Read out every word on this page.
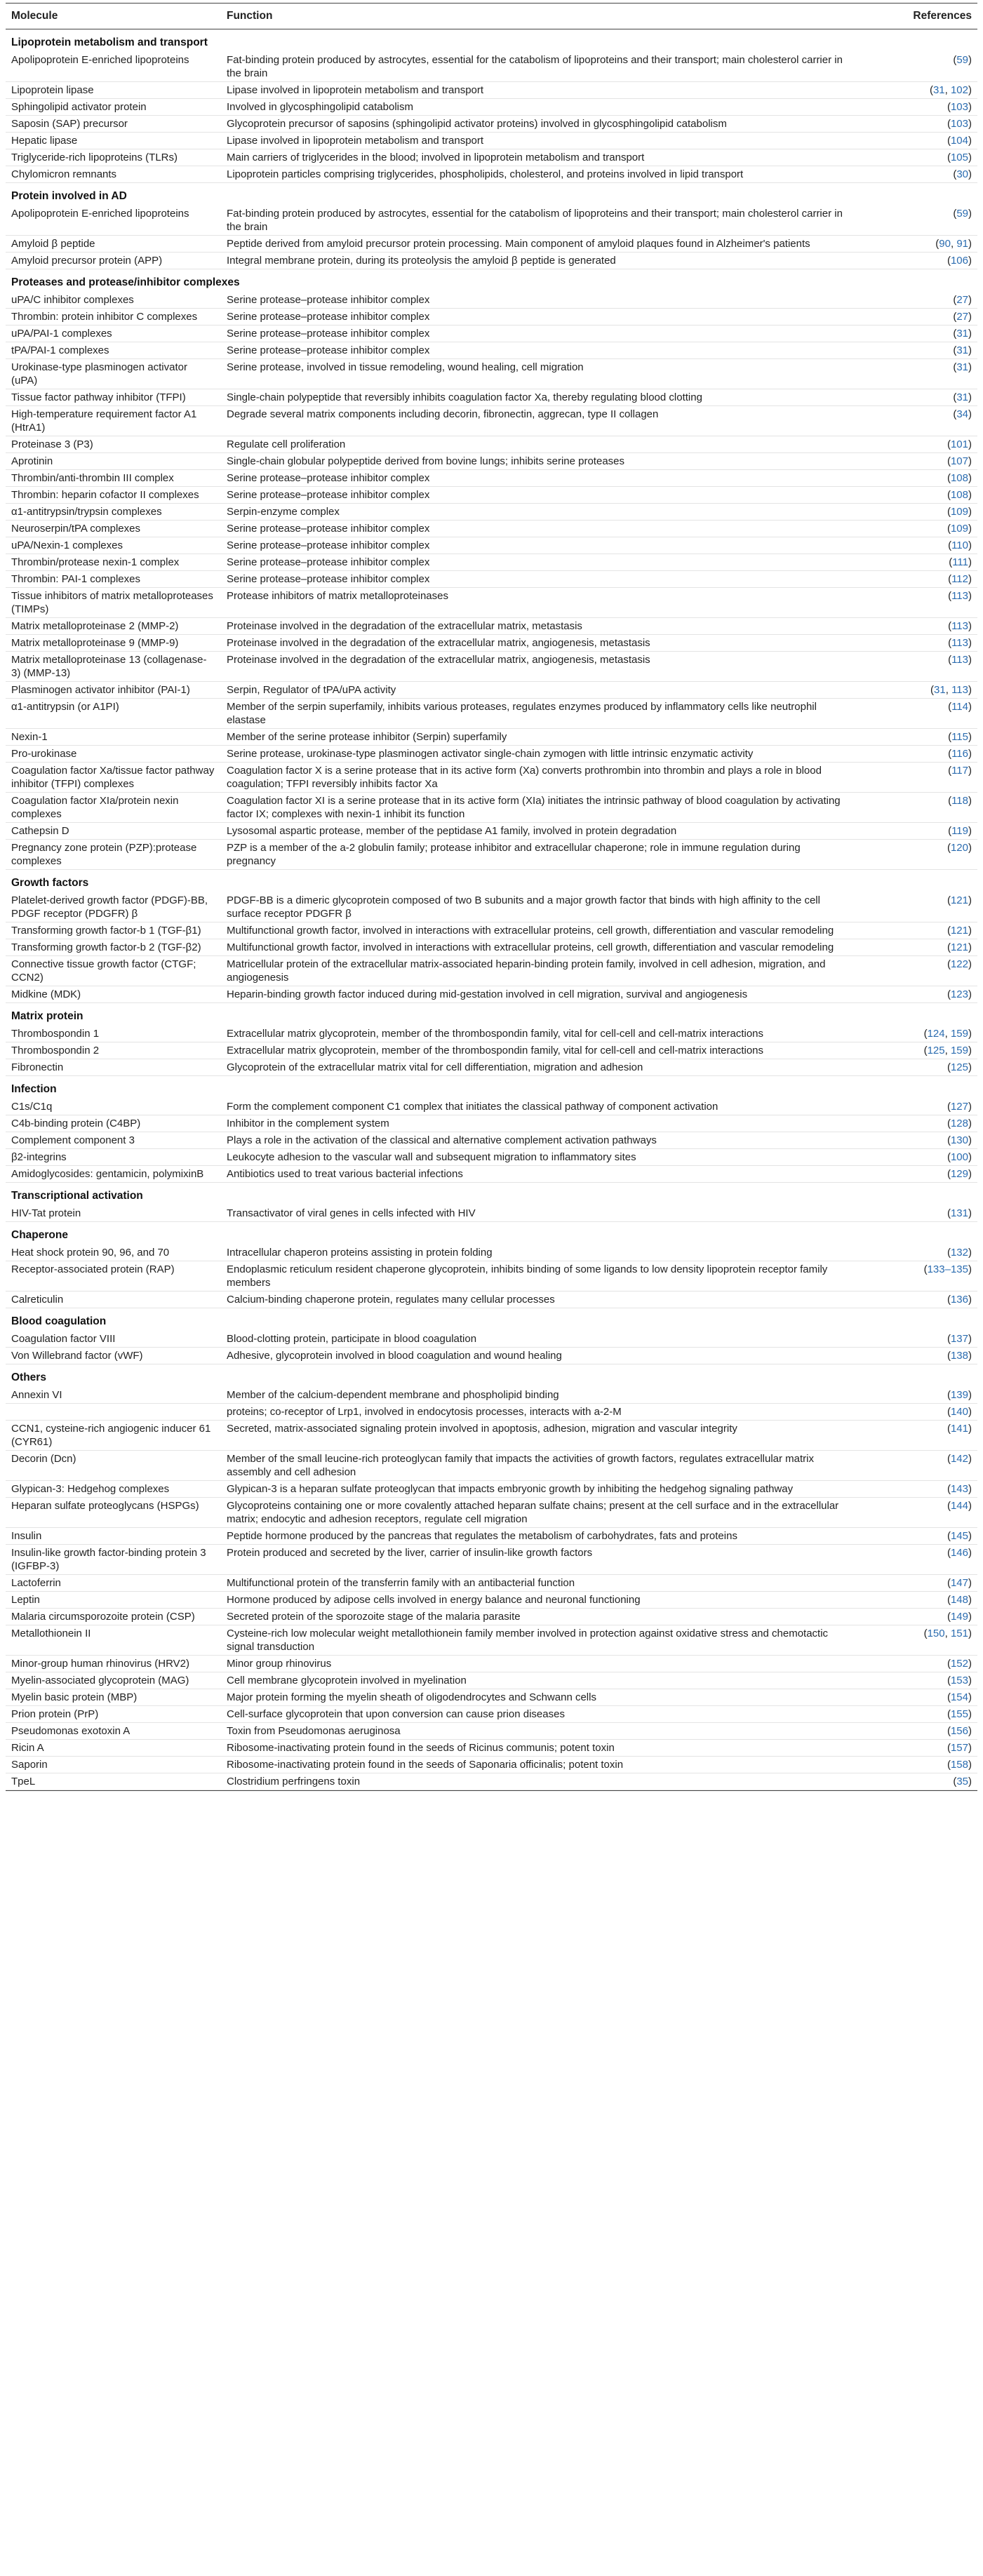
Molecule	Function	References
Lipoprotein metabolism and transport		
Apolipoprotein E-enriched lipoproteins	Fat-binding protein produced by astrocytes, essential for the catabolism of lipoproteins and their transport; main cholesterol carrier in the brain	(59)
Lipoprotein lipase	Lipase involved in lipoprotein metabolism and transport	(31, 102)
Sphingolipid activator protein	Involved in glycosphingolipid catabolism	(103)
Saposin (SAP) precursor	Glycoprotein precursor of saposins (sphingolipid activator proteins) involved in glycosphingolipid catabolism	(103)
Hepatic lipase	Lipase involved in lipoprotein metabolism and transport	(104)
Triglyceride-rich lipoproteins (TLRs)	Main carriers of triglycerides in the blood; involved in lipoprotein metabolism and transport	(105)
Chylomicron remnants	Lipoprotein particles comprising triglycerides, phospholipids, cholesterol, and proteins involved in lipid transport	(30)
Protein involved in AD		
Apolipoprotein E-enriched lipoproteins	Fat-binding protein produced by astrocytes, essential for the catabolism of lipoproteins and their transport; main cholesterol carrier in the brain	(59)
Amyloid β peptide	Peptide derived from amyloid precursor protein processing. Main component of amyloid plaques found in Alzheimer's patients	(90, 91)
Amyloid precursor protein (APP)	Integral membrane protein, during its proteolysis the amyloid β peptide is generated	(106)
Proteases and protease/inhibitor complexes		
uPA/C inhibitor complexes	Serine protease–protease inhibitor complex	(27)
Thrombin: protein inhibitor C complexes	Serine protease–protease inhibitor complex	(27)
uPA/PAI-1 complexes	Serine protease–protease inhibitor complex	(31)
tPA/PAI-1 complexes	Serine protease–protease inhibitor complex	(31)
Urokinase-type plasminogen activator (uPA)	Serine protease, involved in tissue remodeling, wound healing, cell migration	(31)
Tissue factor pathway inhibitor (TFPI)	Single-chain polypeptide that reversibly inhibits coagulation factor Xa, thereby regulating blood clotting	(31)
High-temperature requirement factor A1 (HtrA1)	Degrade several matrix components including decorin, fibronectin, aggrecan, type II collagen	(34)
Proteinase 3 (P3)	Regulate cell proliferation	(101)
Aprotinin	Single-chain globular polypeptide derived from bovine lungs; inhibits serine proteases	(107)
Thrombin/anti-thrombin III complex	Serine protease–protease inhibitor complex	(108)
Thrombin: heparin cofactor II complexes	Serine protease–protease inhibitor complex	(108)
α1-antitrypsin/trypsin complexes	Serpin-enzyme complex	(109)
Neuroserpin/tPA complexes	Serine protease–protease inhibitor complex	(109)
uPA/Nexin-1 complexes	Serine protease–protease inhibitor complex	(110)
Thrombin/protease nexin-1 complex	Serine protease–protease inhibitor complex	(111)
Thrombin: PAI-1 complexes	Serine protease–protease inhibitor complex	(112)
Tissue inhibitors of matrix metalloproteases (TIMPs)	Protease inhibitors of matrix metalloproteinases	(113)
Matrix metalloproteinase 2 (MMP-2)	Proteinase involved in the degradation of the extracellular matrix, metastasis	(113)
Matrix metalloproteinase 9 (MMP-9)	Proteinase involved in the degradation of the extracellular matrix, angiogenesis, metastasis	(113)
Matrix metalloproteinase 13 (collagenase-3) (MMP-13)	Proteinase involved in the degradation of the extracellular matrix, angiogenesis, metastasis	(113)
Plasminogen activator inhibitor (PAI-1)	Serpin, Regulator of tPA/uPA activity	(31, 113)
α1-antitrypsin (or A1PI)	Member of the serpin superfamily, inhibits various proteases, regulates enzymes produced by inflammatory cells like neutrophil elastase	(114)
Nexin-1	Member of the serine protease inhibitor (Serpin) superfamily	(115)
Pro-urokinase	Serine protease, urokinase-type plasminogen activator single-chain zymogen with little intrinsic enzymatic activity	(116)
Coagulation factor Xa/tissue factor pathway inhibitor (TFPI) complexes	Coagulation factor X is a serine protease that in its active form (Xa) converts prothrombin into thrombin and plays a role in blood coagulation; TFPI reversibly inhibits factor Xa	(117)
Coagulation factor XIa/protein nexin complexes	Coagulation factor XI is a serine protease that in its active form (XIa) initiates the intrinsic pathway of blood coagulation by activating factor IX; complexes with nexin-1 inhibit its function	(118)
Cathepsin D	Lysosomal aspartic protease, member of the peptidase A1 family, involved in protein degradation	(119)
Pregnancy zone protein (PZP):protease complexes	PZP is a member of the a-2 globulin family; protease inhibitor and extracellular chaperone; role in immune regulation during pregnancy	(120)
Growth factors		
Platelet-derived growth factor (PDGF)-BB, PDGF receptor (PDGFR) β	PDGF-BB is a dimeric glycoprotein composed of two B subunits and a major growth factor that binds with high affinity to the cell surface receptor PDGFR β	(121)
Transforming growth factor-b 1 (TGF-β1)	Multifunctional growth factor, involved in interactions with extracellular proteins, cell growth, differentiation and vascular remodeling	(121)
Transforming growth factor-b 2 (TGF-β2)	Multifunctional growth factor, involved in interactions with extracellular proteins, cell growth, differentiation and vascular remodeling	(121)
Connective tissue growth factor (CTGF; CCN2)	Matricellular protein of the extracellular matrix-associated heparin-binding protein family, involved in cell adhesion, migration, and angiogenesis	(122)
Midkine (MDK)	Heparin-binding growth factor induced during mid-gestation involved in cell migration, survival and angiogenesis	(123)
Matrix protein		
Thrombospondin 1	Extracellular matrix glycoprotein, member of the thrombospondin family, vital for cell-cell and cell-matrix interactions	(124, 159)
Thrombospondin 2	Extracellular matrix glycoprotein, member of the thrombospondin family, vital for cell-cell and cell-matrix interactions	(125, 159)
Fibronectin	Glycoprotein of the extracellular matrix vital for cell differentiation, migration and adhesion	(125)
Infection		
C1s/C1q	Form the complement component C1 complex that initiates the classical pathway of component activation	(127)
C4b-binding protein (C4BP)	Inhibitor in the complement system	(128)
Complement component 3	Plays a role in the activation of the classical and alternative complement activation pathways	(130)
β2-integrins	Leukocyte adhesion to the vascular wall and subsequent migration to inflammatory sites	(100)
Amidoglycosides: gentamicin, polymixinB	Antibiotics used to treat various bacterial infections	(129)
Transcriptional activation		
HIV-Tat protein	Transactivator of viral genes in cells infected with HIV	(131)
Chaperone		
Heat shock protein 90, 96, and 70	Intracellular chaperon proteins assisting in protein folding	(132)
Receptor-associated protein (RAP)	Endoplasmic reticulum resident chaperone glycoprotein, inhibits binding of some ligands to low density lipoprotein receptor family members	(133–135)
Calreticulin	Calcium-binding chaperone protein, regulates many cellular processes	(136)
Blood coagulation		
Coagulation factor VIII	Blood-clotting protein, participate in blood coagulation	(137)
Von Willebrand factor (vWF)	Adhesive, glycoprotein involved in blood coagulation and wound healing	(138)
Others		
Annexin VI	Member of the calcium-dependent membrane and phospholipid binding	(139)
	proteins; co-receptor of Lrp1, involved in endocytosis processes, interacts with a-2-M	(140)
CCN1, cysteine-rich angiogenic inducer 61 (CYR61)	Secreted, matrix-associated signaling protein involved in apoptosis, adhesion, migration and vascular integrity	(141)
Decorin (Dcn)	Member of the small leucine-rich proteoglycan family that impacts the activities of growth factors, regulates extracellular matrix assembly and cell adhesion	(142)
Glypican-3: Hedgehog complexes	Glypican-3 is a heparan sulfate proteoglycan that impacts embryonic growth by inhibiting the hedgehog signaling pathway	(143)
Heparan sulfate proteoglycans (HSPGs)	Glycoproteins containing one or more covalently attached heparan sulfate chains; present at the cell surface and in the extracellular matrix; endocytic and adhesion receptors, regulate cell migration	(144)
Insulin	Peptide hormone produced by the pancreas that regulates the metabolism of carbohydrates, fats and proteins	(145)
Insulin-like growth factor-binding protein 3 (IGFBP-3)	Protein produced and secreted by the liver, carrier of insulin-like growth factors	(146)
Lactoferrin	Multifunctional protein of the transferrin family with an antibacterial function	(147)
Leptin	Hormone produced by adipose cells involved in energy balance and neuronal functioning	(148)
Malaria circumsporozoite protein (CSP)	Secreted protein of the sporozoite stage of the malaria parasite	(149)
Metallothionein II	Cysteine-rich low molecular weight metallothionein family member involved in protection against oxidative stress and chemotactic signal transduction	(150, 151)
Minor-group human rhinovirus (HRV2)	Minor group rhinovirus	(152)
Myelin-associated glycoprotein (MAG)	Cell membrane glycoprotein involved in myelination	(153)
Myelin basic protein (MBP)	Major protein forming the myelin sheath of oligodendrocytes and Schwann cells	(154)
Prion protein (PrP)	Cell-surface glycoprotein that upon conversion can cause prion diseases	(155)
Pseudomonas exotoxin A	Toxin from Pseudomonas aeruginosa	(156)
Ricin A	Ribosome-inactivating protein found in the seeds of Ricinus communis; potent toxin	(157)
Saporin	Ribosome-inactivating protein found in the seeds of Saponaria officinalis; potent toxin	(158)
TpeL	Clostridium perfringens toxin	(35)
